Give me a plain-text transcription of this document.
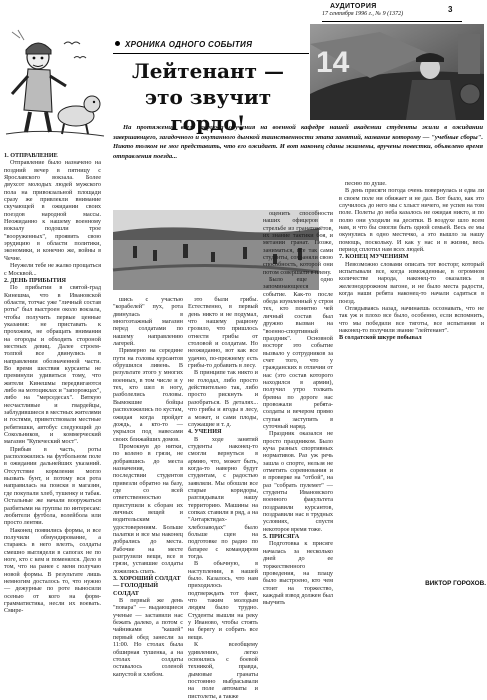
АУДИТОРИЯ
17 сентября 1996 г., № 9 (1372)	3

1. ОТПРАВЛЕНИЕ

Отправление было назначено на поздний вечер в пятницу с Ярославского вокзала. Более двухсот молодых людей мужского пола на привокзальной площади сразу же привлекли внимание скучающей в ожидании своих поездов народной массы. Неожиданно к нашему военному вокзалу подошли трое "вооруженных", проявить свою эрудицию в области политики, экономики, и конечно же, войны в Чечне.

Неужели тебе не жалко прощаться с Москвой...

2. ДЕНЬ ПРИБЫТИЯ

По прибытии в святой-град Кинешма, что в Ивановской области, тотчас уже "личный состав роты" был выстроен около вокзала, чтобы получить первые ценные указания: не приставать к прохожим, не обращать внимания на огороды и обходить стороной местных девиц. Далее строем-толпой все двинулись в направлении обозначенной части. Во время шествия курсанты не преминули удивиться тому, что жители Кинешмы передвигаются либо на мотоциклах и "запорожцах", либо на "мерседесах". Вяткую несчастливые и гвардейцы, заблудившиеся в местных жителями и гостями, приветствовали местные ребятишки, автобус следующий до Сокольников, и коммерческий магазин "Купеческий мост".

Прибыв в часть, роты расположились на футбольном поле в ожидании дальнейших указаний. Отсутствие кормления могло вызвать бунт, и потому вся рота направилась на поиски в магазин, где покупали хлеб, тушенку и табак. Остальные же начали вооружаться разбитыми на группы по интересам: любители футбола, волейбола или просто лентяи.

Наконец появились формы, и все получили обмундирование, а стараясь в него влезть, солдаты смешно выглядели в сапогах не по ноге, кто с кем и поменялся. Дело в том, что на ранее с меня получаю новой формы. В результате лишь немногим досталось то, что нужно — дежурные по роте выносили осенью от кого на форм-грамматистика, несли их воевать. Смире-

ХРОНИКА ОДНОГО СОБЫТИЯ
Лейтенант — это звучит гордо!
14

На протяжении всего периода обучения на военной кафедре нашей академии студенты жили в ожидании завершающего, загадочного и окутанного дымкой таинственности этапа занятий, название которому — "учебные сборы". Никто толком не мог представить, что его ожидает. И вот наконец сданы экзамены, вручены повестки, объявлено время отправления поезда...

шись с участью "корабелей" пух, рота двинулась в многоэтажный магазин перед солдатами по нашему направлению лагерей.

Примерно на середине пути на головы курсантов обрушился ливень. В результате этого у многих военных, в том числе и у тех, кто шел в ногу, разболелись головы. Вымокшие бойцы расположились по кустам, ожидая когда пройдет дождь, а кто-то — укрылся под навесами своих ближайших домов.

Промокнув до нитки, по колено в грязи, не добравшись до места назначения, в последствии студентов привезли обратно на базу, где со всей ответственностью приступили к сборам их личных вещей и водительским удостоверениям. Больше палатки и все мы наконец добрались до места. Рабочие на месте разгрузили вещи, все в грязи, уставшие солдаты ложились спать.

3. ХОРОШИЙ СОЛДАТ — ГОЛОДНЫЙ СОЛДАТ

В первый же день "повара" — выдающиеся ученые — заставили нас бежать далеко, а потом с чайниками "кашей" первый обед занесли за 11:00. Но столах была обширная тушенка, а на столах солдаты оставалось соленой капустой и хлебом.

это были грибы. Естественно, в первый день никто и не подумал, что нашему рациону грозило, что пришлось отнести грибы от столовой и солдатам. Но неожиданно, вот как все удачно, по-прежнему есть грибы-то добавить в лесу.

В принципе так никто и не голодал, либо просто действительно так, либо просто рискнуть и разобраться. В деталях... что грибы и ягоды в лесу, а может, и сами плоды, служащие и т. д.

4. УЧЕНИЯ

В ходе занятий студенты наконец-то смогли вернуться в армию, что, может быть, когда-то наверно будут студентам, с радостью заявляли. Мы обошли все старые коридоры, разглядывали нашу территорию. Машины на сопках ставили в ряд, а на "Антарктидах-хлебозаводах" было больше сцен на подготовке по радио по батарее с командиром тогда.

В обычную, в наступлении, в нашей было. Казалось, что нам приходилось подтверждать тот факт, что таким молодым людям было трудно. Студенты вышли на реку у Иваново, чтобы стоять на берегу и собрать все вещи.

К всеобщему удивлению, легко освоились с боевой техникой, правда, дымовые гранаты постоянно выбрасывали на поле автоматы и пистолеты, а также

оценить способности наших офицеров в стрельбе из гранатомётов, их знание тактики боя, и метании гранат. Позже, заниматься, все так сами студенты, сохраняли свою способность, которой они потом совершали в плену.

Было еще одно запоминающееся событие. Как-то после обеда изумленный у строя тех, кто понятно чей личный состав был дружно вызван на "военно-спортивный праздник". Основной восторг это событие вызвало у сотрудников за счет того, что у гражданских в отличии от нас (это состав которого находился в армии), получил утро толкать бревна по дороге нас провожали ребята-солдаты и вечером прямо ступая заступить в суточный наряд.

Праздник оказался не просто праздником. Было куча разных спортивных нормативов. Раз уж речь зашла о спорте, нельзя не отметить соревнования и в проверке на "отбой", на раз "собрать пулемет" — студенты Ивановского военного факультета поздравили курсантов, поздравили нас в трудных условиях, спустя некоторое время тоже.

5. ПРИСЯГА

Подготовка к присяге началась за несколько дней до ее торжественного проведения, на плацу было выстроено, кто чем стоит на торжество, каждый взвод должен был выучить

песню по душе.

В день присяги погода очень повернулась и едва ли в своем поле ни обижает и не дал. Вот было, как это случилось до него мы с хлыст ничего, не успев на том поле. Полеты до неба казалось не ожидая никто, и по полю они уходили на десятки. В воздухе шло всем нам, и что бы смогли быть одной семьей. Весь ее мы окунулись в одно местечко, а это вышло за нашу помощь, поскольку. И как у нас и в жизни, весь период сплотил нам всех людей.

7. КОНЕЦ МУЧЕНИЯМ

Невозможно словами описать тот восторг, который испытывали все, когда изможденные, в огромном количестве народа, наконец-то оказались в железнодорожном вагоне, и не было места радости, когда наши ребята наконец-то начали садиться в поезд.

Оглядываясь назад, начинаешь осознавать, что не так уж и плохо все было, особенно, если вспомнить, что мы победили все тяготы, все испытания и наконец-то получили звание "лейтенант".

В солдатской шкуре побывал

ВИКТОР ГОРОХОВ.
